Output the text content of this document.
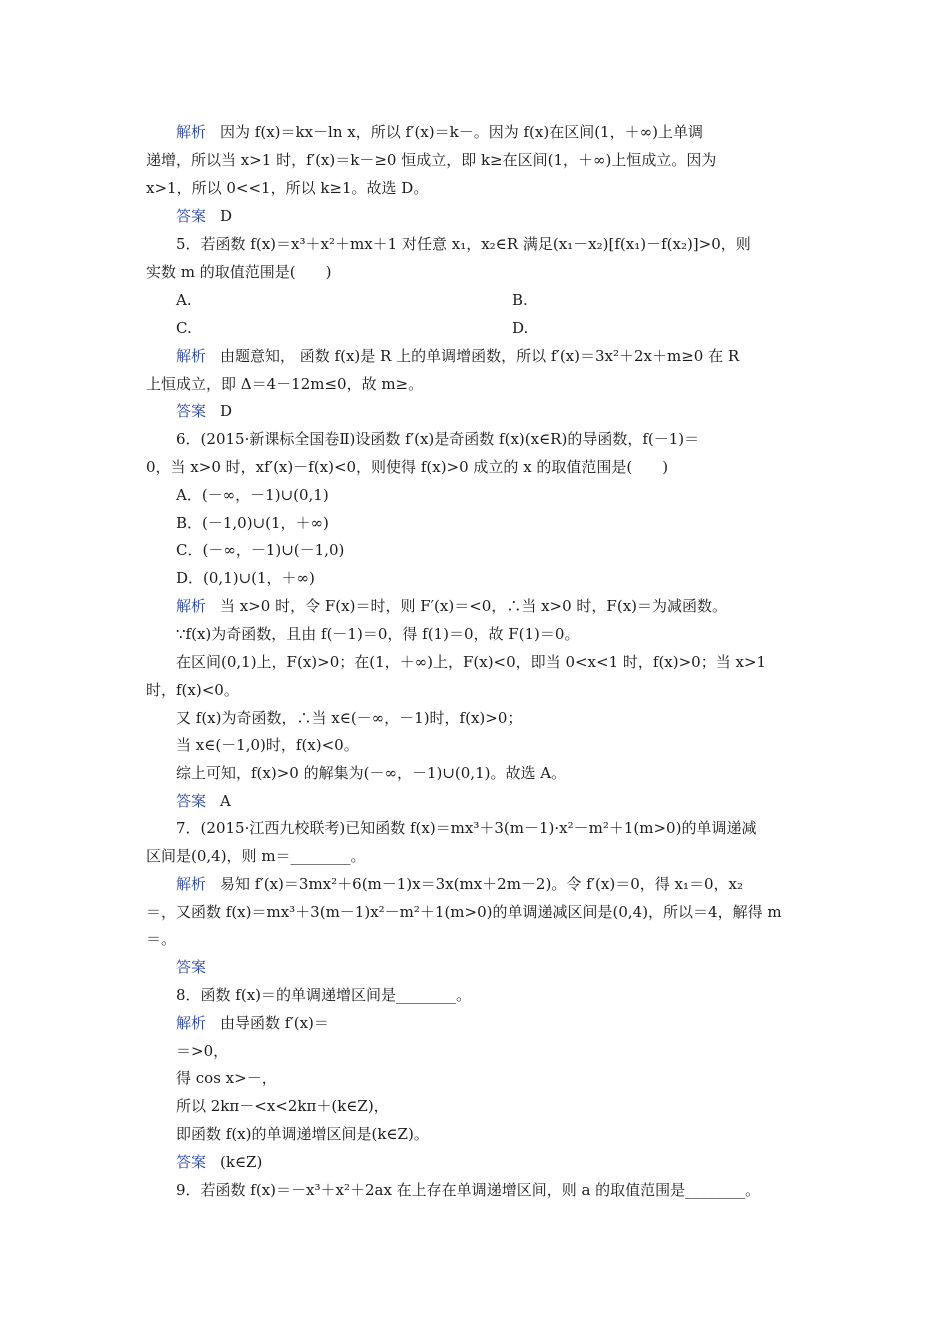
解析 因为 f(x)＝kx－ln x，所以 f′(x)＝k－。因为 f(x)在区间(1，＋∞)上单调
递增，所以当 x>1 时，f′(x)＝k－≥0 恒成立，即 k≥在区间(1，＋∞)上恒成立。因为
x>1，所以 0<<1，所以 k≥1。故选 D。
答案 D
5．若函数 f(x)＝x³＋x²＋mx＋1 对任意 x₁，x₂∈R 满足(x₁－x₂)[f(x₁)－f(x₂)]>0，则
实数 m 的取值范围是(　　)
A.	B.
C.	D.
解析 由题意知， 函数 f(x)是 R 上的单调增函数，所以 f′(x)＝3x²＋2x＋m≥0 在 R
上恒成立，即 Δ＝4－12m≤0，故 m≥。
答案 D
6．(2015·新课标全国卷Ⅱ)设函数 f′(x)是奇函数 f(x)(x∈R)的导函数，f(－1)＝
0，当 x>0 时，xf′(x)－f(x)<0，则使得 f(x)>0 成立的 x 的取值范围是(　　)
A．(－∞，－1)∪(0,1)
B．(－1,0)∪(1，＋∞)
C．(－∞，－1)∪(－1,0)
D．(0,1)∪(1，＋∞)
解析 当 x>0 时，令 F(x)＝时，则 F′(x)＝<0，∴当 x>0 时，F(x)＝为减函数。
∵f(x)为奇函数，且由 f(－1)＝0，得 f(1)＝0，故 F(1)＝0。
在区间(0,1)上，F(x)>0；在(1，＋∞)上，F(x)<0，即当 0<x<1 时，f(x)>0；当 x>1
时，f(x)<0。
又 f(x)为奇函数，∴当 x∈(－∞，－1)时，f(x)>0；
当 x∈(－1,0)时，f(x)<0。
综上可知，f(x)>0 的解集为(－∞，－1)∪(0,1)。故选 A。
答案 A
7．(2015·江西九校联考)已知函数 f(x)＝mx³＋3(m－1)·x²－m²＋1(m>0)的单调递减
区间是(0,4)，则 m＝________。
解析 易知 f′(x)＝3mx²＋6(m－1)x＝3x(mx＋2m－2)。令 f′(x)＝0，得 x₁＝0，x₂
＝，又函数 f(x)＝mx³＋3(m－1)x²－m²＋1(m>0)的单调递减区间是(0,4)，所以＝4，解得 m
＝。
答案
8．函数 f(x)＝的单调递增区间是________。
解析 由导函数 f′(x)＝
＝>0，
得 cos x>－，
所以 2kπ－<x<2kπ＋(k∈Z)，
即函数 f(x)的单调递增区间是(k∈Z)。
答案 (k∈Z)
9．若函数 f(x)＝－x³＋x²＋2ax 在上存在单调递增区间，则 a 的取值范围是________。
